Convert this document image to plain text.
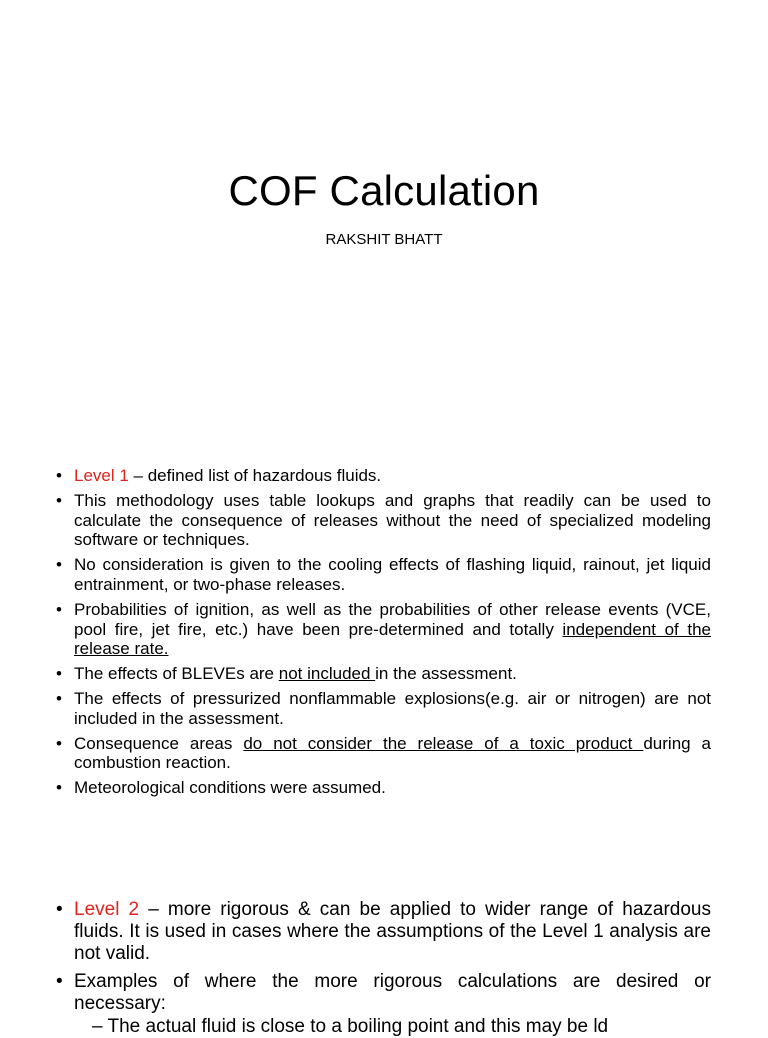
COF Calculation
RAKSHIT BHATT
• Level 1 – defined list of hazardous fluids.
• This methodology uses table lookups and graphs that readily can be used to calculate the consequence of releases without the need of specialized modeling software or techniques.
• No consideration is given to the cooling effects of flashing liquid, rainout, jet liquid entrainment, or two-phase releases.
• Probabilities of ignition, as well as the probabilities of other release events (VCE, pool fire, jet fire, etc.) have been pre-determined and totally independent of the release rate.
• The effects of BLEVEs are not included in the assessment.
• The effects of pressurized nonflammable explosions(e.g. air or nitrogen) are not included in the assessment.
• Consequence areas do not consider the release of a toxic product during a combustion reaction.
• Meteorological conditions were assumed.
• Level 2 – more rigorous & can be applied to wider range of hazardous fluids. It is used in cases where the assumptions of the Level 1 analysis are not valid.
• Examples of where the more rigorous calculations are desired or necessary:
– The actual fluid is close to a boiling point and this may be ld
